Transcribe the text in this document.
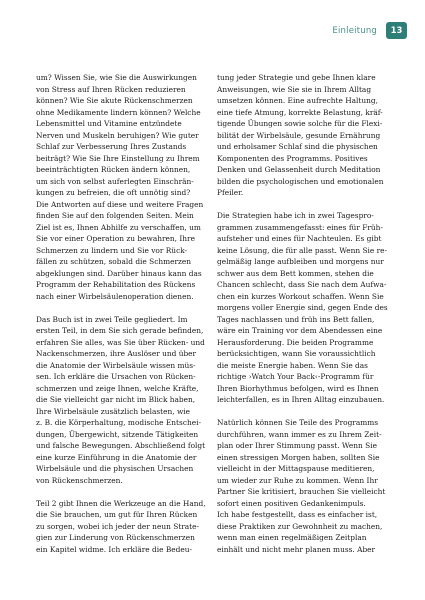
Einleitung	13

um? Wissen Sie, wie Sie die Auswirkungen
von Stress auf Ihren Rücken reduzieren
können? Wie Sie akute Rückenschmerzen
ohne Medikamente lindern können? Welche
Lebensmittel und Vitamine entzündete
Nerven und Muskeln beruhigen? Wie guter
Schlaf zur Verbesserung Ihres Zustands
beiträgt? Wie Sie Ihre Einstellung zu Ihrem
beeinträchtigten Rücken ändern können,
um sich von selbst auferlegten Einschrän-
kungen zu befreien, die oft unnötig sind?
Die Antworten auf diese und weitere Fragen
finden Sie auf den folgenden Seiten. Mein
Ziel ist es, Ihnen Abhilfe zu verschaffen, um
Sie vor einer Operation zu bewahren, Ihre
Schmerzen zu lindern und Sie vor Rück-
fällen zu schützen, sobald die Schmerzen
abgeklungen sind. Darüber hinaus kann das
Programm der Rehabilitation des Rückens
nach einer Wirbelsäulenoperation dienen.

Das Buch ist in zwei Teile gegliedert. Im
ersten Teil, in dem Sie sich gerade befinden,
erfahren Sie alles, was Sie über Rücken- und
Nackenschmerzen, ihre Auslöser und über
die Anatomie der Wirbelsäule wissen müs-
sen. Ich erkläre die Ursachen von Rücken-
schmerzen und zeige Ihnen, welche Kräfte,
die Sie vielleicht gar nicht im Blick haben,
Ihre Wirbelsäule zusätzlich belasten, wie
z. B. die Körperhaltung, modische Entschei-
dungen, Übergewicht, sitzende Tätigkeiten
und falsche Bewegungen. Abschließend folgt
eine kurze Einführung in die Anatomie der
Wirbelsäule und die physischen Ursachen
von Rückenschmerzen.

Teil 2 gibt Ihnen die Werkzeuge an die Hand,
die Sie brauchen, um gut für Ihren Rücken
zu sorgen, wobei ich jeder der neun Strate-
gien zur Linderung von Rückenschmerzen
ein Kapitel widme. Ich erkläre die Bedeu-

tung jeder Strategie und gebe Ihnen klare
Anweisungen, wie Sie sie in Ihrem Alltag
umsetzen können. Eine aufrechte Haltung,
eine tiefe Atmung, korrekte Belastung, kräf-
tigende Übungen sowie solche für die Flexi-
bilität der Wirbelsäule, gesunde Ernährung
und erholsamer Schlaf sind die physischen
Komponenten des Programms. Positives
Denken und Gelassenheit durch Meditation
bilden die psychologischen und emotionalen
Pfeiler.

Die Strategien habe ich in zwei Tagespro-
grammen zusammengefasst: eines für Früh-
aufsteher und eines für Nachteulen. Es gibt
keine Lösung, die für alle passt. Wenn Sie re-
gelmäßig lange aufbleiben und morgens nur
schwer aus dem Bett kommen, stehen die
Chancen schlecht, dass Sie nach dem Aufwa-
chen ein kurzes Workout schaffen. Wenn Sie
morgens voller Energie sind, gegen Ende des
Tages nachlassen und früh ins Bett fallen,
wäre ein Training vor dem Abendessen eine
Herausforderung. Die beiden Programme
berücksichtigen, wann Sie voraussichtlich
die meiste Energie haben. Wenn Sie das
richtige ›Watch Your Back‹-Programm für
Ihren Biorhythmus befolgen, wird es Ihnen
leichterfallen, es in Ihren Alltag einzubauen.

Natürlich können Sie Teile des Programms
durchführen, wann immer es zu Ihrem Zeit-
plan oder Ihrer Stimmung passt. Wenn Sie
einen stressigen Morgen haben, sollten Sie
vielleicht in der Mittagspause meditieren,
um wieder zur Ruhe zu kommen. Wenn Ihr
Partner Sie kritisiert, brauchen Sie vielleicht
sofort einen positiven Gedankenimpuls.
Ich habe festgestellt, dass es einfacher ist,
diese Praktiken zur Gewohnheit zu machen,
wenn man einen regelmäßigen Zeitplan
einhält und nicht mehr planen muss. Aber
